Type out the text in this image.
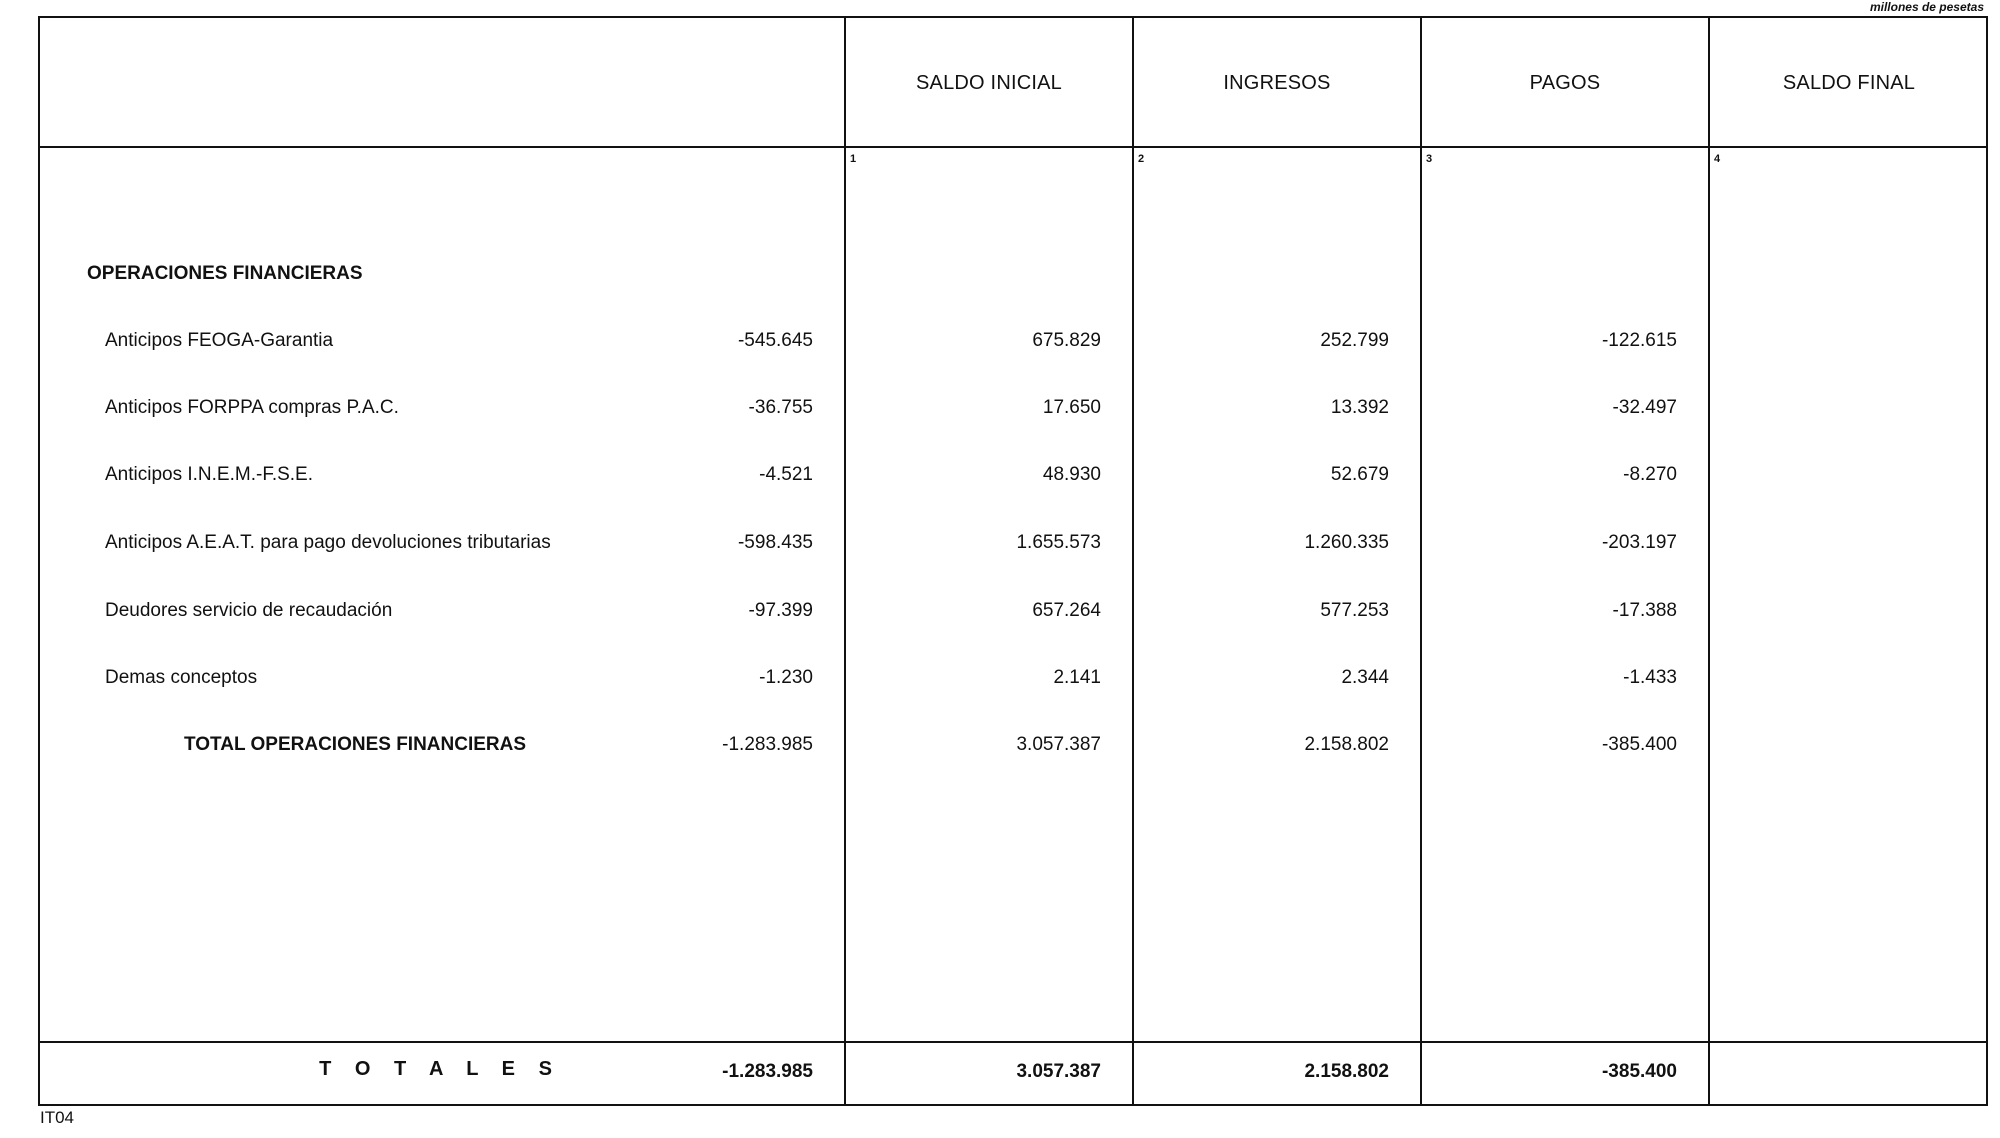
millones de pesetas
SALDO INICIAL	INGRESOS	PAGOS	SALDO FINAL
1	2	3	4
OPERACIONES FINANCIERAS
Anticipos FEOGA-Garantia	-545.645	675.829	252.799	-122.615
Anticipos FORPPA compras P.A.C.	-36.755	17.650	13.392	-32.497
Anticipos I.N.E.M.-F.S.E.	-4.521	48.930	52.679	-8.270
Anticipos A.E.A.T. para pago devoluciones tributarias	-598.435	1.655.573	1.260.335	-203.197
Deudores servicio de recaudación	-97.399	657.264	577.253	-17.388
Demas conceptos	-1.230	2.141	2.344	-1.433
TOTAL OPERACIONES FINANCIERAS	-1.283.985	3.057.387	2.158.802	-385.400
T O T A L E S	-1.283.985	3.057.387	2.158.802	-385.400
IT04
